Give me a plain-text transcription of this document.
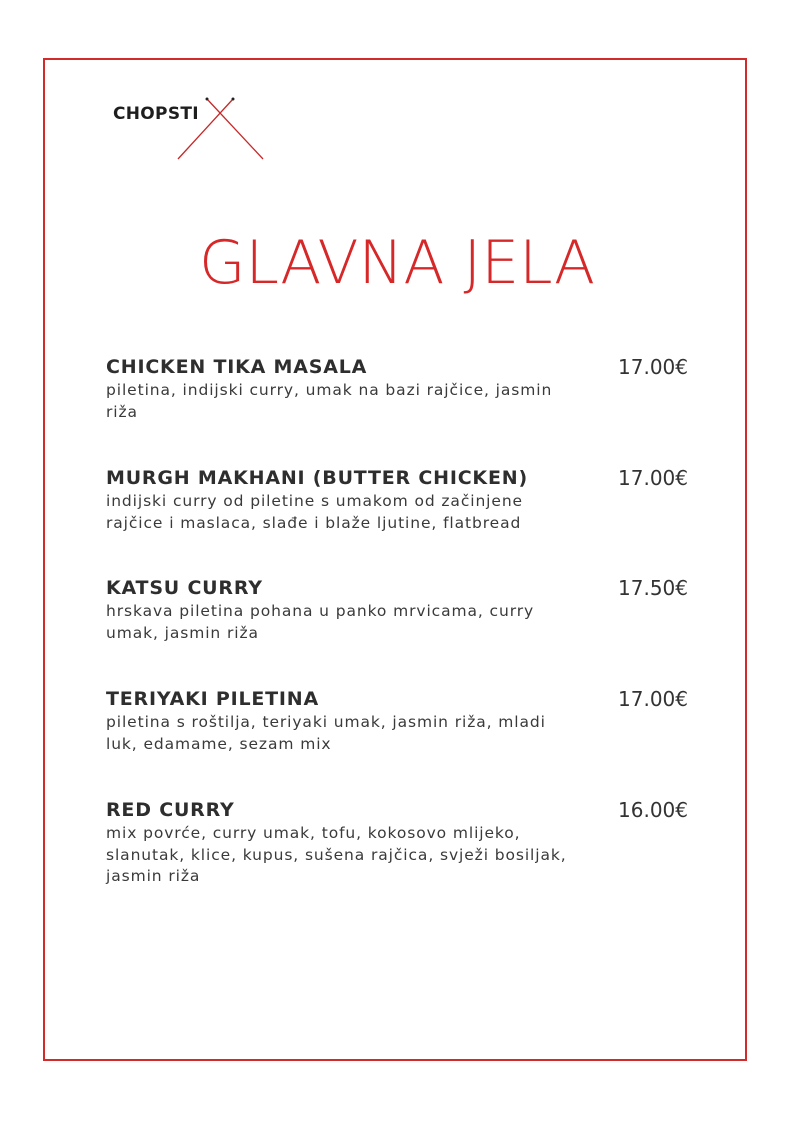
CHOPSTI
GLAVNA JELA
CHICKEN TIKA MASALA
piletina, indijski curry, umak na bazi rajčice, jasmin riža
17.00€
MURGH MAKHANI (BUTTER CHICKEN)
indijski curry od piletine s umakom od začinjene rajčice i maslaca, slađe i blaže ljutine, flatbread
17.00€
KATSU CURRY
hrskava piletina pohana u panko mrvicama, curry umak, jasmin riža
17.50€
TERIYAKI PILETINA
piletina s roštilja, teriyaki umak, jasmin riža, mladi luk, edamame, sezam mix
17.00€
RED CURRY
mix povrće, curry umak, tofu, kokosovo mlijeko, slanutak, klice, kupus, sušena rajčica, svježi bosiljak, jasmin riža
16.00€
